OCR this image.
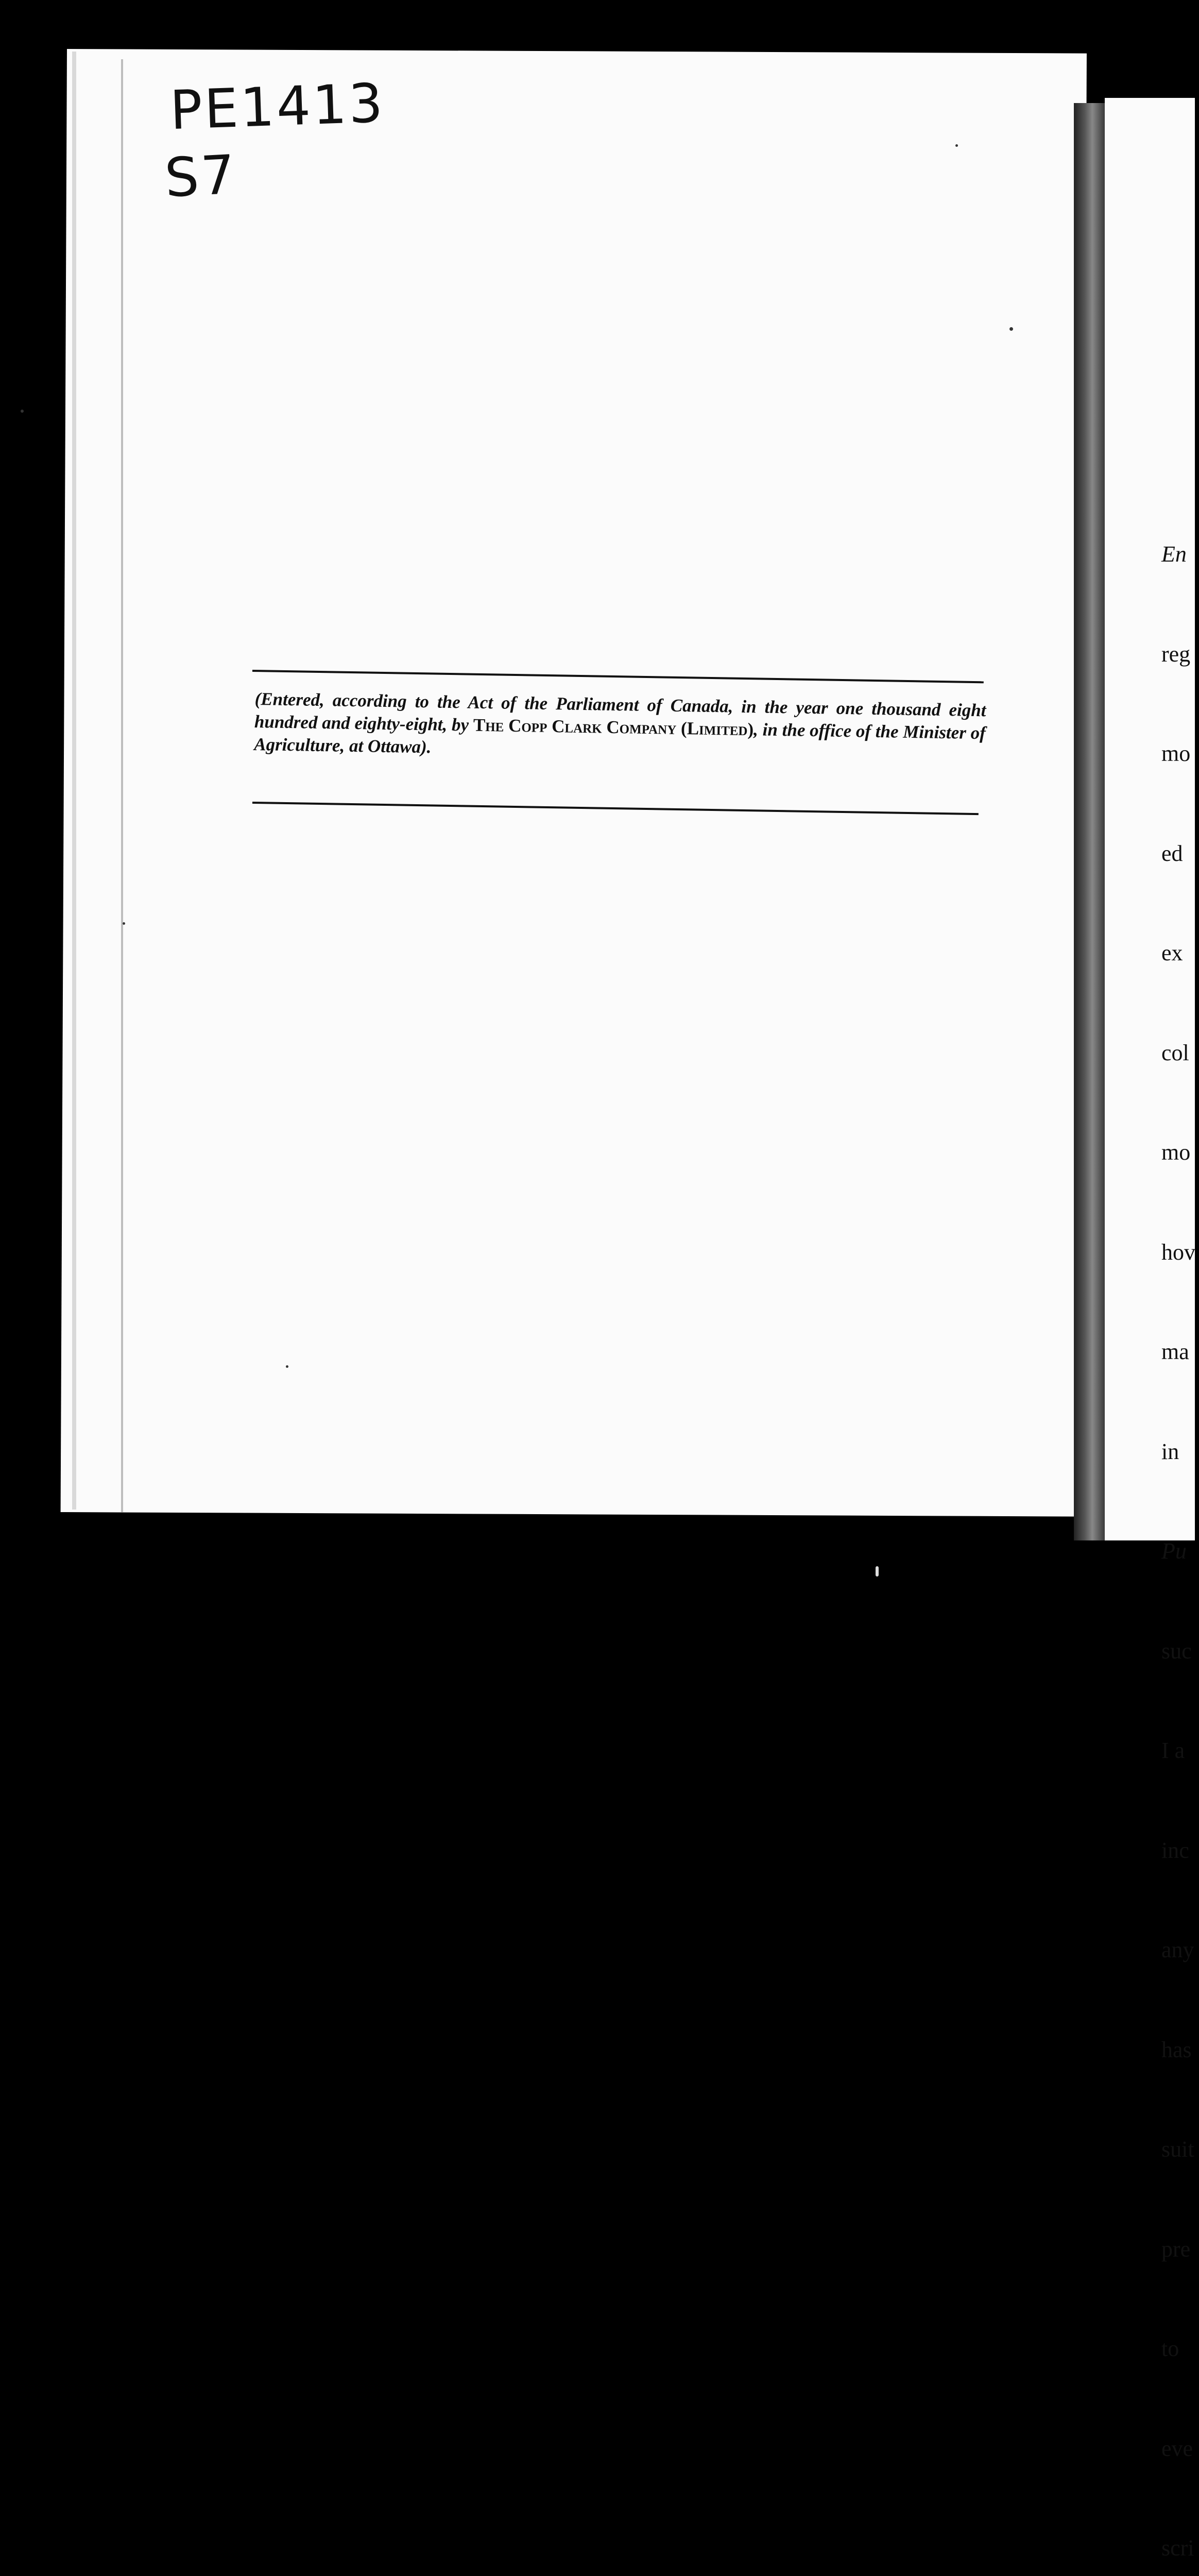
PE1413
S7
(Entered, according to the Act of the Parliament of Canada, in the year one thousand eight hundred and eighty-eight, by The Copp Clark Company (Limited), in the office of the Minister of Agriculture, at Ottawa).

En

reg

mo

ed

ex

col

mo

hov

ma

in

Pu

suc

I a

inc

any

has

suit

pre

to

eve

scri
